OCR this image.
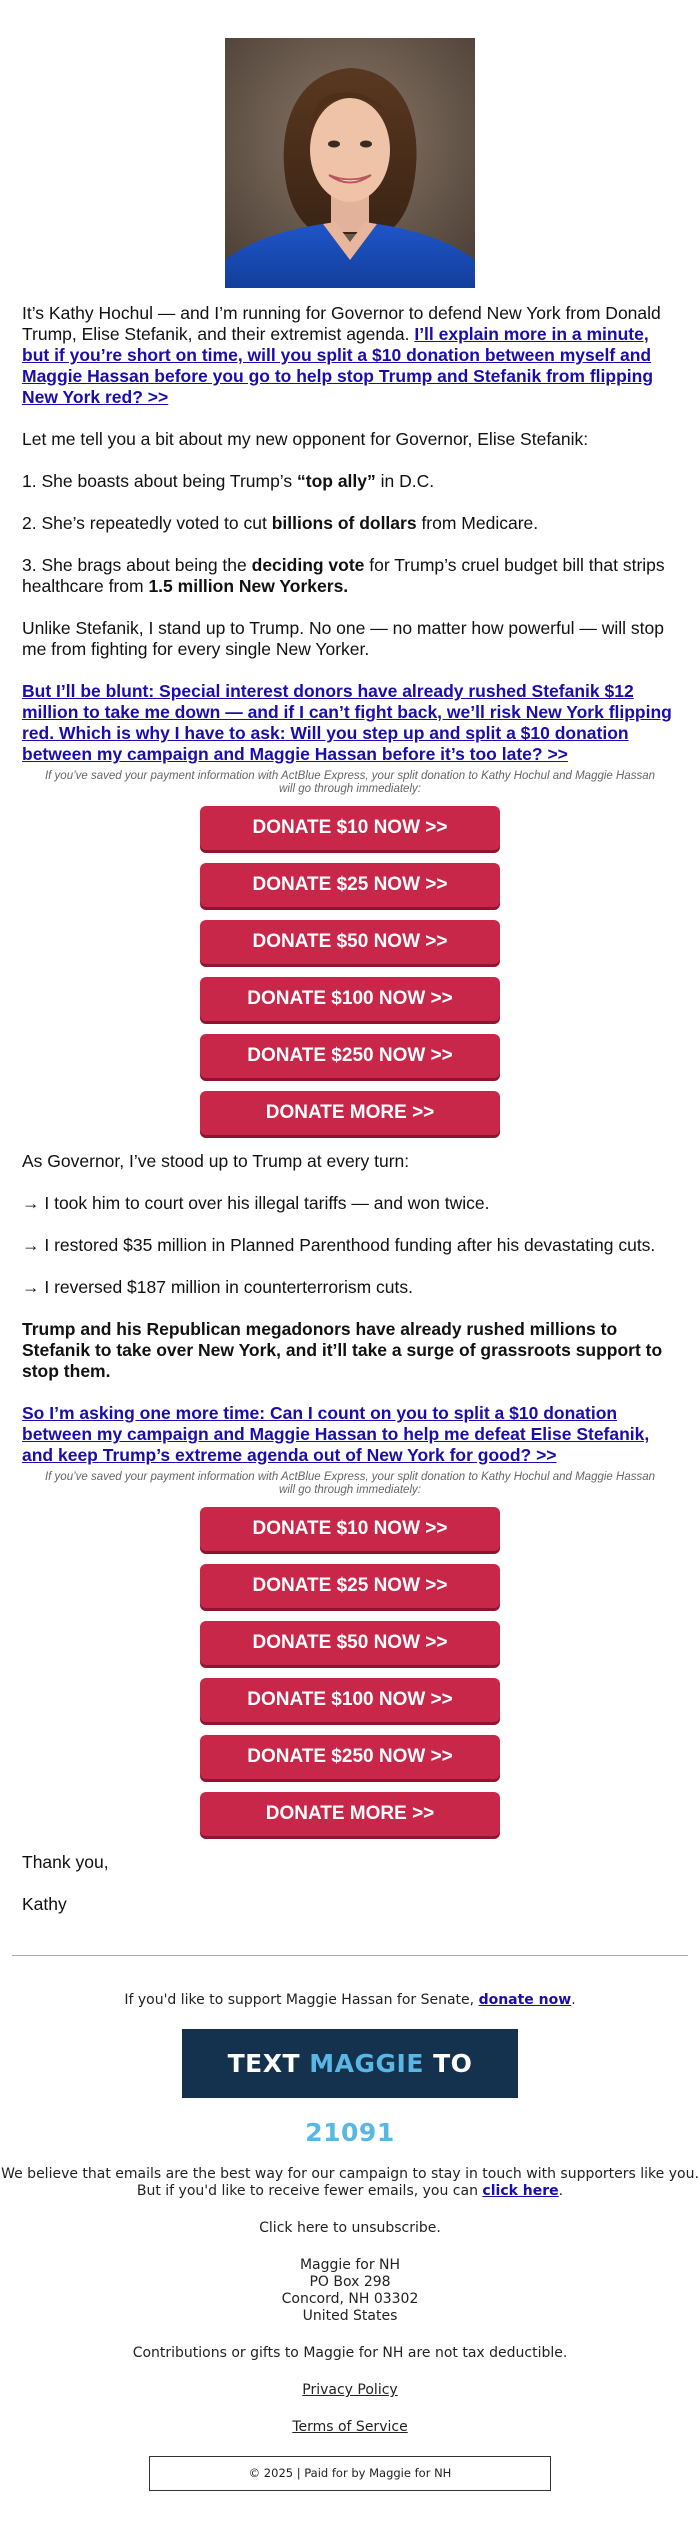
It’s Kathy Hochul — and I’m running for Governor to defend New York from Donald Trump, Elise Stefanik, and their extremist agenda. I’ll explain more in a minute, but if you’re short on time, will you split a $10 donation between myself and Maggie Hassan before you go to help stop Trump and Stefanik from flipping New York red? >>

Let me tell you a bit about my new opponent for Governor, Elise Stefanik:

1. She boasts about being Trump’s “top ally” in D.C.

2. She’s repeatedly voted to cut billions of dollars from Medicare.

3. She brags about being the deciding vote for Trump’s cruel budget bill that strips healthcare from 1.5 million New Yorkers.

Unlike Stefanik, I stand up to Trump. No one — no matter how powerful — will stop me from fighting for every single New Yorker.

But I’ll be blunt: Special interest donors have already rushed Stefanik $12 million to take me down — and if I can’t fight back, we’ll risk New York flipping red. Which is why I have to ask: Will you step up and split a $10 donation between my campaign and Maggie Hassan before it’s too late? >>

If you’ve saved your payment information with ActBlue Express, your split donation to Kathy Hochul and Maggie Hassan will go through immediately:
DONATE $10 NOW >>
DONATE $25 NOW >>
DONATE $50 NOW >>
DONATE $100 NOW >>
DONATE $250 NOW >>
DONATE MORE >>

As Governor, I’ve stood up to Trump at every turn:

→ I took him to court over his illegal tariffs — and won twice.

→ I restored $35 million in Planned Parenthood funding after his devastating cuts.

→ I reversed $187 million in counterterrorism cuts.

Trump and his Republican megadonors have already rushed millions to Stefanik to take over New York, and it’ll take a surge of grassroots support to stop them.

So I’m asking one more time: Can I count on you to split a $10 donation between my campaign and Maggie Hassan to help me defeat Elise Stefanik, and keep Trump’s extreme agenda out of New York for good? >>

If you’ve saved your payment information with ActBlue Express, your split donation to Kathy Hochul and Maggie Hassan will go through immediately:
DONATE $10 NOW >>
DONATE $25 NOW >>
DONATE $50 NOW >>
DONATE $100 NOW >>
DONATE $250 NOW >>
DONATE MORE >>

Thank you,

Kathy

If you'd like to support Maggie Hassan for Senate, donate now.

TEXT MAGGIE TO 21091

We believe that emails are the best way for our campaign to stay in touch with supporters like you. But if you'd like to receive fewer emails, you can click here.

Click here to unsubscribe.

Maggie for NH
PO Box 298
Concord, NH 03302
United States

Contributions or gifts to Maggie for NH are not tax deductible.

Privacy Policy

Terms of Service

© 2025 | Paid for by Maggie for NH
